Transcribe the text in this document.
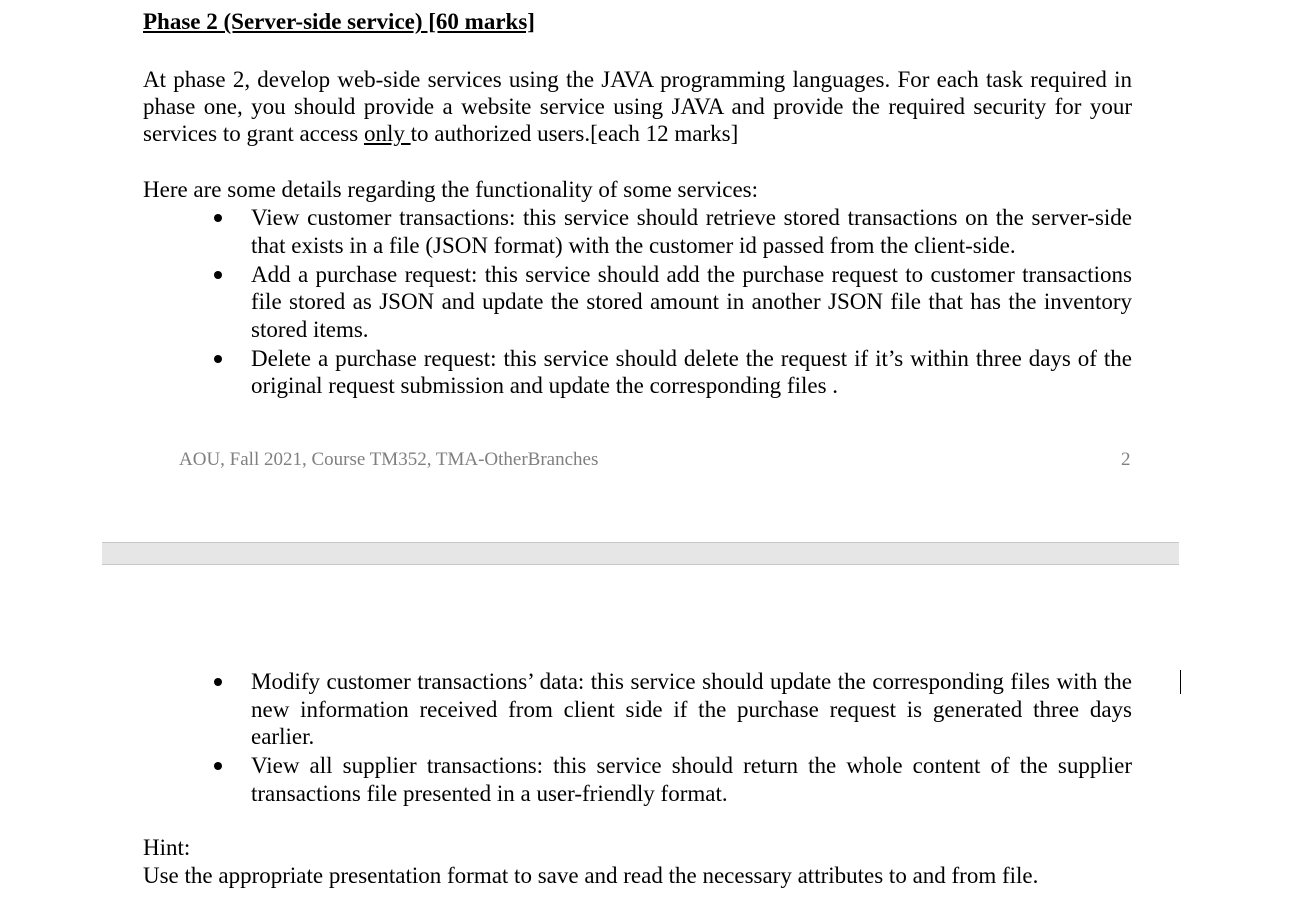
Phase 2 (Server-side service) [60 marks]
At phase 2, develop web-side services using the JAVA programming languages. For each task required in phase one, you should provide a website service using JAVA and provide the required security for your services to grant access only to authorized users.[each 12 marks]
Here are some details regarding the functionality of some services:
View customer transactions: this service should retrieve stored transactions on the server-side that exists in a file (JSON format) with the customer id passed from the client-side.
Add a purchase request: this service should add the purchase request to customer transactions file stored as JSON and update the stored amount in another JSON file that has the inventory stored items.
Delete a purchase request: this service should delete the request if it’s within three days of the original request submission and update the corresponding files .
AOU, Fall 2021, Course TM352, TMA-OtherBranches	2
Modify customer transactions’ data: this service should update the corresponding files with the new information received from client side if the purchase request is generated three days earlier.
View all supplier transactions: this service should return the whole content of the supplier transactions file presented in a user-friendly format.
Hint:
Use the appropriate presentation format to save and read the necessary attributes to and from file.
